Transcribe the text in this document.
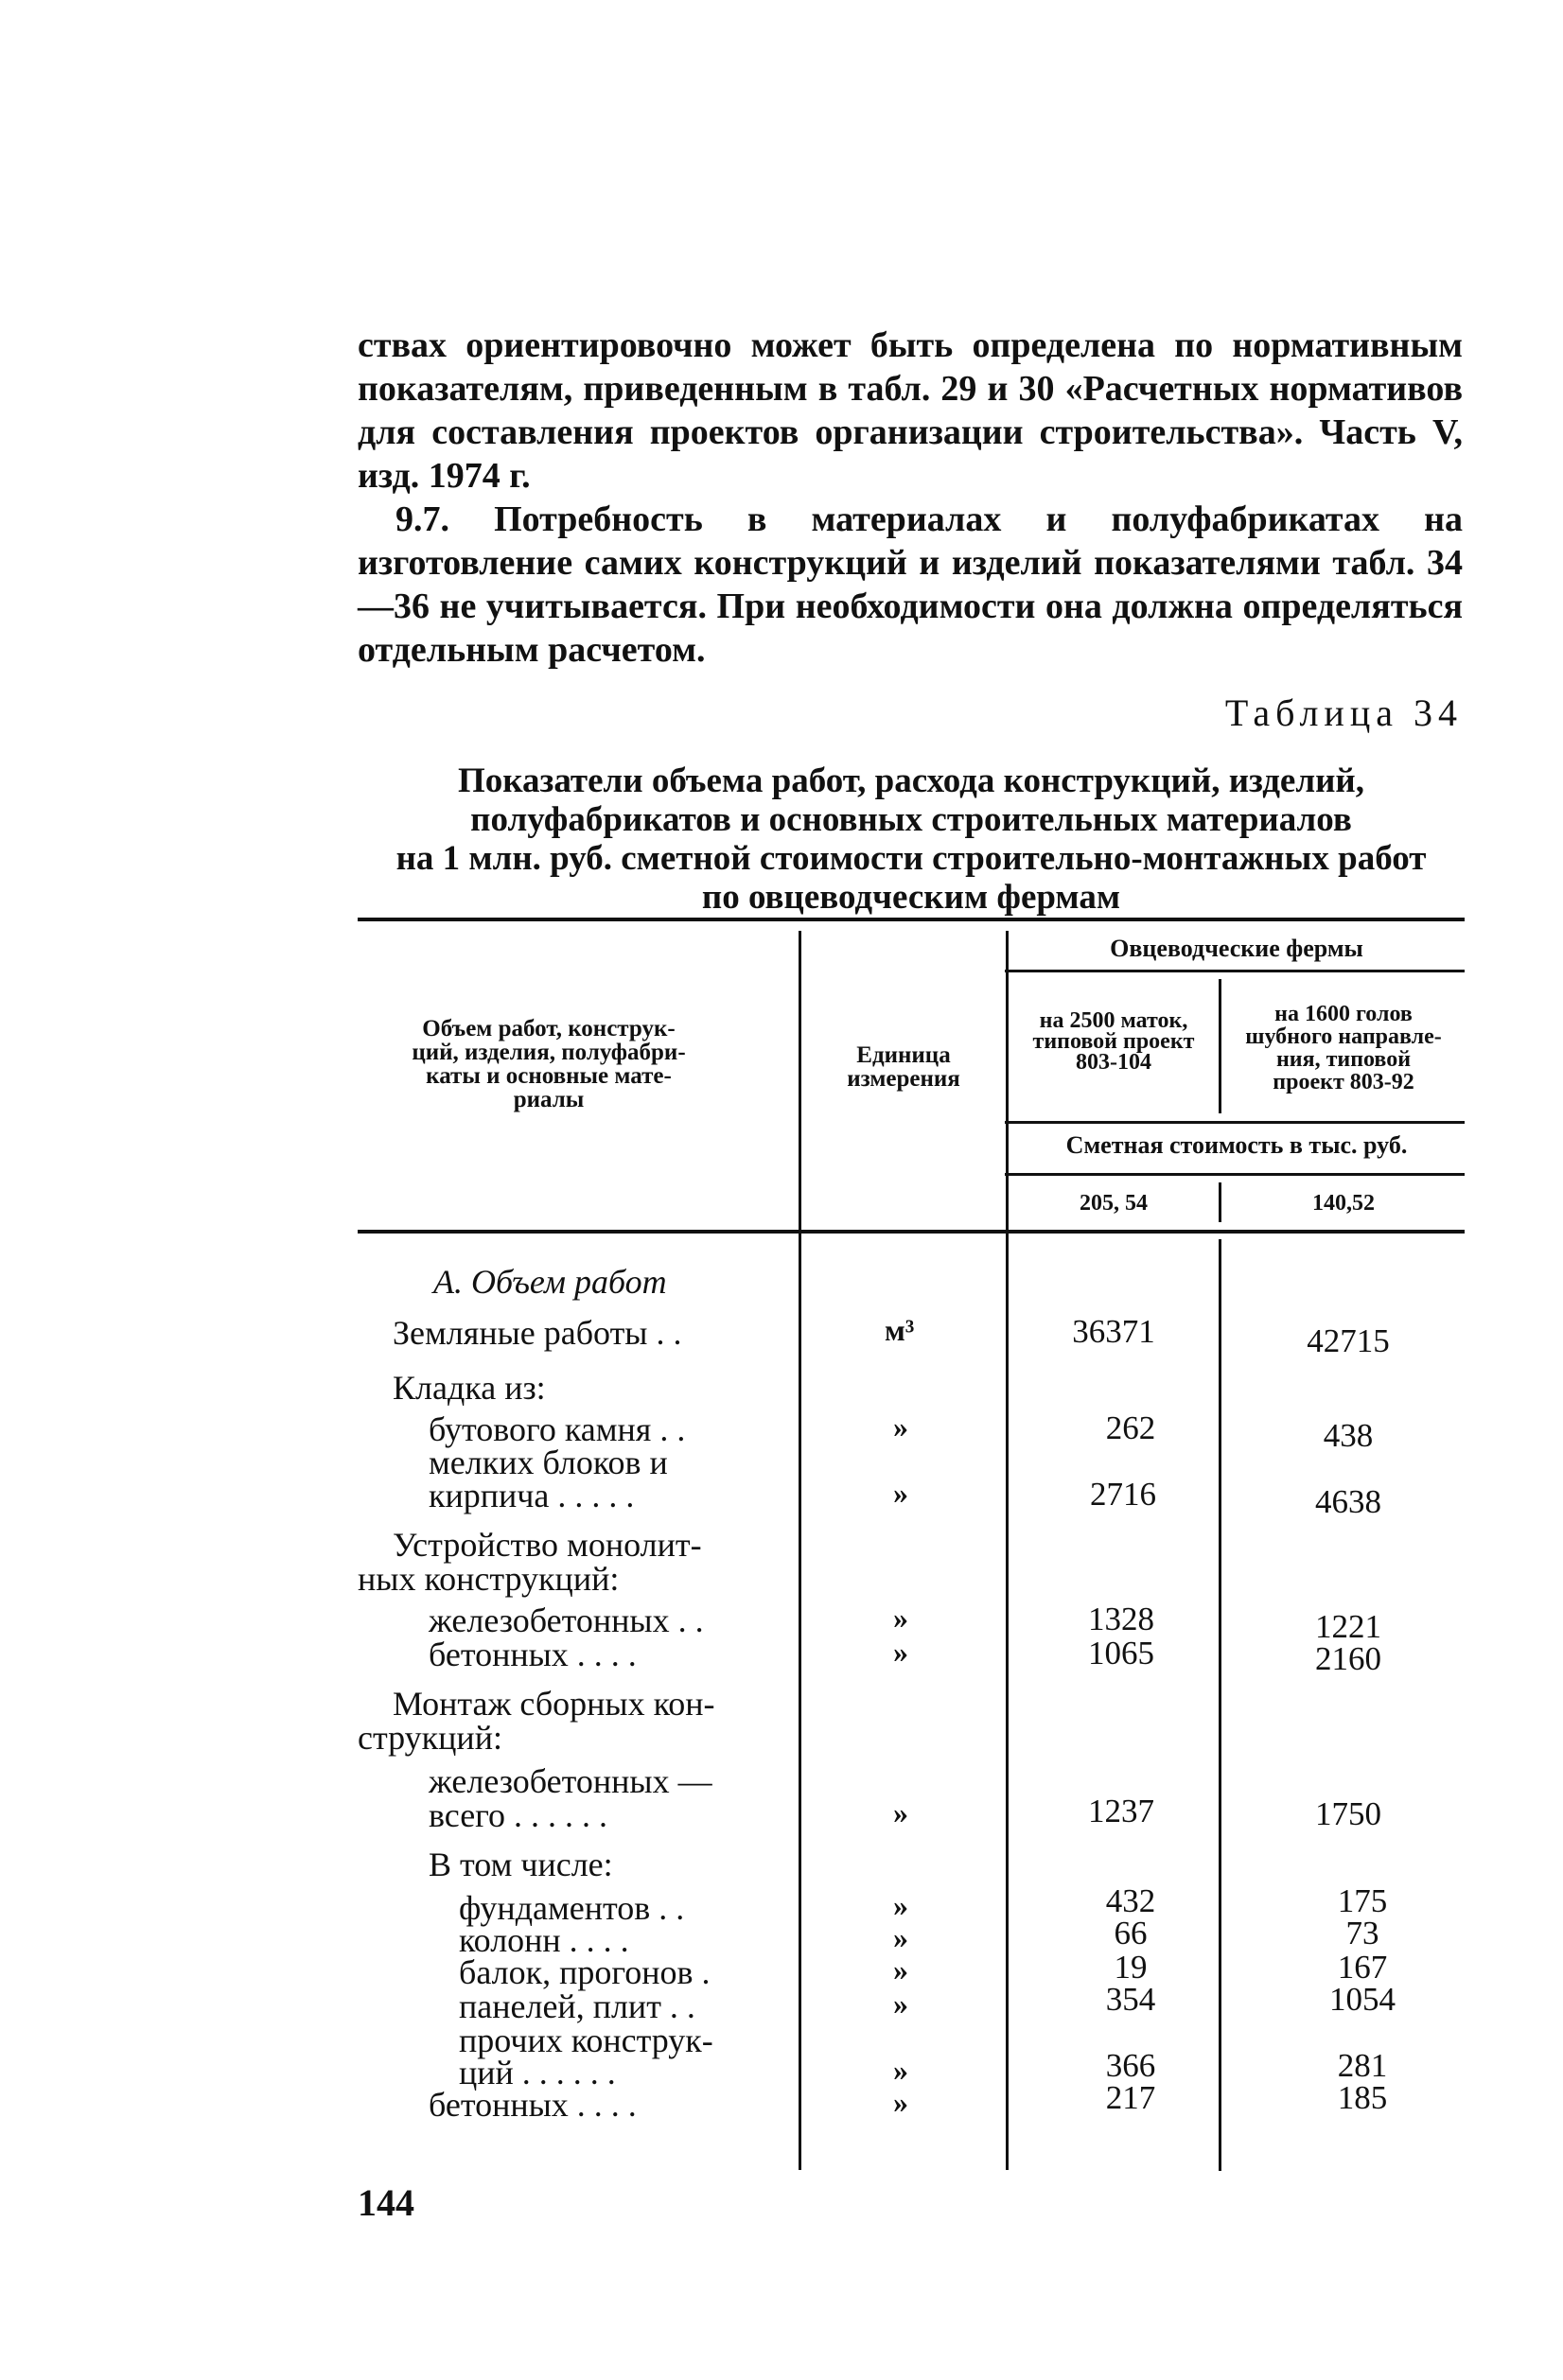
ствах ориентировочно может быть определена по нормативным показателям, приведенным в табл. 29 и 30 «Расчетных нормативов для составления проектов организации строительства». Часть V, изд. 1974 г.

9.7. Потребность в материалах и полуфабрикатах на изготовление самих конструкций и изделий показателями табл. 34—36 не учитывается. При необходимости она должна определяться отдельным расчетом.

Таблица 34
Показатели объема работ, расхода конструкций, изделий,
полуфабрикатов и основных строительных материалов
на 1 млн. руб. сметной стоимости строительно-монтажных работ
по овцеводческим фермам
Объем работ, конструк-
ций, изделия, полуфабри-
каты и основные мате-
риалы
Единица
измерения
Овцеводческие фермы
на 2500 маток,
типовой проект
803-104
на 1600 голов
шубного направле-
ния, типовой
проект 803-92
Сметная стоимость в тыс. руб.
205, 54	140,52
А. Объем работ
Земляные работы . .	м³	36371	42715
Кладка из:
бутового камня . .	»	262	438
мелких блоков и
кирпича . . . . .	»	2716	4638
Устройство монолит-
ных конструкций:
железобетонных . .	»	1328	1221
бетонных . . . .	»	1065	2160
Монтаж сборных кон-
струкций:
железобетонных —
всего . . . . . .	»	1237	1750
В том числе:
фундаментов . .	»	432	175
колонн . . . .	»	66	73
балок, прогонов .	»	19	167
панелей, плит . .	»	354	1054
прочих конструк-
ций . . . . . .	»	366	281
бетонных . . . .	»	217	185
144
